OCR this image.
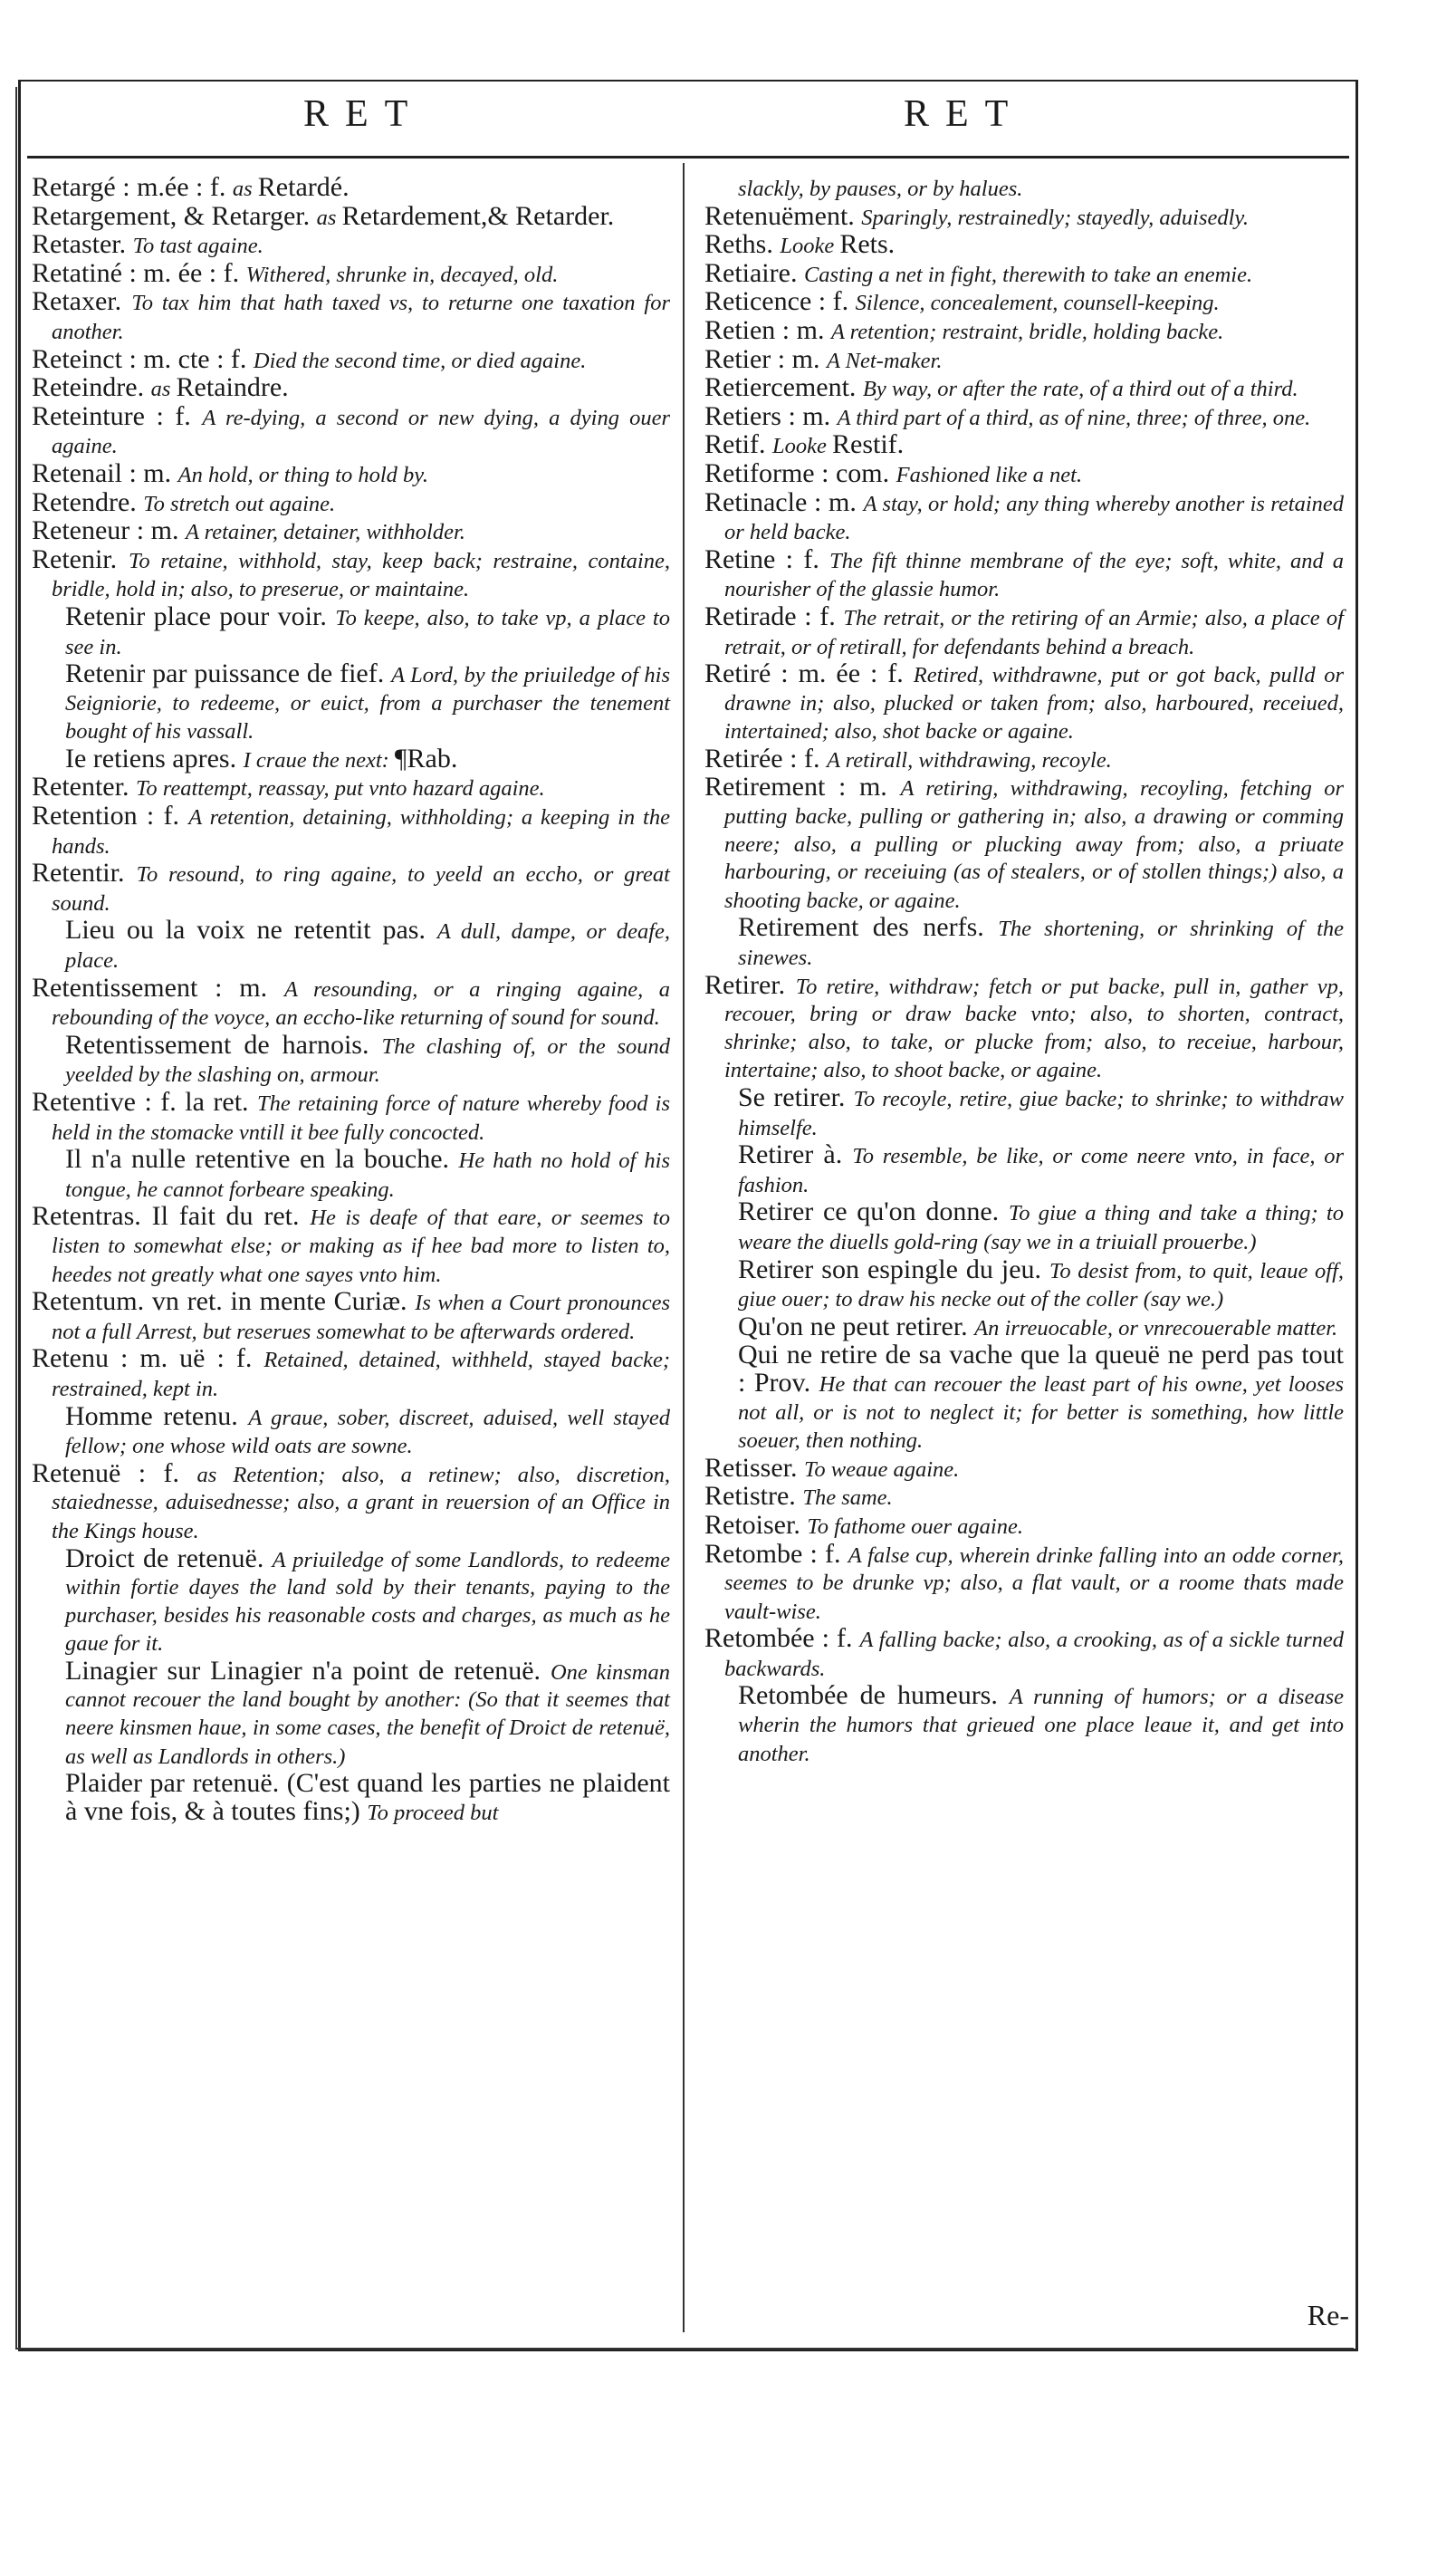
RET	RET

Retargé : m.ée : f. as Retardé.

Retargement, & Retarger. as Retardement,& Retarder.

Retaster. To tast againe.

Retatiné : m. ée : f. Withered, shrunke in, decayed, old.

Retaxer. To tax him that hath taxed vs, to returne one taxation for another.

Reteinct : m. cte : f. Died the second time, or died againe.

Reteindre. as Retaindre.

Reteinture : f. A re-dying, a second or new dying, a dying ouer againe.

Retenail : m. An hold, or thing to hold by.

Retendre. To stretch out againe.

Reteneur : m. A retainer, detainer, withholder.

Retenir. To retaine, withhold, stay, keep back; restraine, containe, bridle, hold in; also, to preserue, or maintaine.

Retenir place pour voir. To keepe, also, to take vp, a place to see in.

Retenir par puissance de fief. A Lord, by the priuiledge of his Seigniorie, to redeeme, or euict, from a purchaser the tenement bought of his vassall.

Ie retiens apres. I craue the next: ¶Rab.

Retenter. To reattempt, reassay, put vnto hazard againe.

Retention : f. A retention, detaining, withholding; a keeping in the hands.

Retentir. To resound, to ring againe, to yeeld an eccho, or great sound.

Lieu ou la voix ne retentit pas. A dull, dampe, or deafe, place.

Retentissement : m. A resounding, or a ringing againe, a rebounding of the voyce, an eccho-like returning of sound for sound.

Retentissement de harnois. The clashing of, or the sound yeelded by the slashing on, armour.

Retentive : f. la ret. The retaining force of nature whereby food is held in the stomacke vntill it bee fully concocted.

Il n'a nulle retentive en la bouche. He hath no hold of his tongue, he cannot forbeare speaking.

Retentras. Il fait du ret. He is deafe of that eare, or seemes to listen to somewhat else; or making as if hee bad more to listen to, heedes not greatly what one sayes vnto him.

Retentum. vn ret. in mente Curiæ. Is when a Court pronounces not a full Arrest, but reserues somewhat to be afterwards ordered.

Retenu : m. uë : f. Retained, detained, withheld, stayed backe; restrained, kept in.

Homme retenu. A graue, sober, discreet, aduised, well stayed fellow; one whose wild oats are sowne.

Retenuë : f. as Retention; also, a retinew; also, discretion, staiednesse, aduisednesse; also, a grant in reuersion of an Office in the Kings house.

Droict de retenuë. A priuiledge of some Landlords, to redeeme within fortie dayes the land sold by their tenants, paying to the purchaser, besides his reasonable costs and charges, as much as he gaue for it.

Linagier sur Linagier n'a point de retenuë. One kinsman cannot recouer the land bought by another: (So that it seemes that neere kinsmen haue, in some cases, the benefit of Droict de retenuë, as well as Landlords in others.)

Plaider par retenuë. (C'est quand les parties ne plaident à vne fois, & à toutes fins;) To proceed but

slackly, by pauses, or by halues.

Retenuëment. Sparingly, restrainedly; stayedly, aduisedly.

Reths. Looke Rets.

Retiaire. Casting a net in fight, therewith to take an enemie.

Reticence : f. Silence, concealement, counsell-keeping.

Retien : m. A retention; restraint, bridle, holding backe.

Retier : m. A Net-maker.

Retiercement. By way, or after the rate, of a third out of a third.

Retiers : m. A third part of a third, as of nine, three; of three, one.

Retif. Looke Restif.

Retiforme : com. Fashioned like a net.

Retinacle : m. A stay, or hold; any thing whereby another is retained or held backe.

Retine : f. The fift thinne membrane of the eye; soft, white, and a nourisher of the glassie humor.

Retirade : f. The retrait, or the retiring of an Armie; also, a place of retrait, or of retirall, for defendants behind a breach.

Retiré : m. ée : f. Retired, withdrawne, put or got back, pulld or drawne in; also, plucked or taken from; also, harboured, receiued, intertained; also, shot backe or againe.

Retirée : f. A retirall, withdrawing, recoyle.

Retirement : m. A retiring, withdrawing, recoyling, fetching or putting backe, pulling or gathering in; also, a drawing or comming neere; also, a pulling or plucking away from; also, a priuate harbouring, or receiuing (as of stealers, or of stollen things;) also, a shooting backe, or againe.

Retirement des nerfs. The shortening, or shrinking of the sinewes.

Retirer. To retire, withdraw; fetch or put backe, pull in, gather vp, recouer, bring or draw backe vnto; also, to shorten, contract, shrinke; also, to take, or plucke from; also, to receiue, harbour, intertaine; also, to shoot backe, or againe.

Se retirer. To recoyle, retire, giue backe; to shrinke; to withdraw himselfe.

Retirer à. To resemble, be like, or come neere vnto, in face, or fashion.

Retirer ce qu'on donne. To giue a thing and take a thing; to weare the diuells gold-ring (say we in a triuiall prouerbe.)

Retirer son espingle du jeu. To desist from, to quit, leaue off, giue ouer; to draw his necke out of the coller (say we.)

Qu'on ne peut retirer. An irreuocable, or vnrecouerable matter.

Qui ne retire de sa vache que la queuë ne perd pas tout : Prov. He that can recouer the least part of his owne, yet looses not all, or is not to neglect it; for better is something, how little soeuer, then nothing.

Retisser. To weaue againe.

Retistre. The same.

Retoiser. To fathome ouer againe.

Retombe : f. A false cup, wherein drinke falling into an odde corner, seemes to be drunke vp; also, a flat vault, or a roome thats made vault-wise.

Retombée : f. A falling backe; also, a crooking, as of a sickle turned backwards.

Retombée de humeurs. A running of humors; or a disease wherin the humors that grieued one place leaue it, and get into another.

Re-
